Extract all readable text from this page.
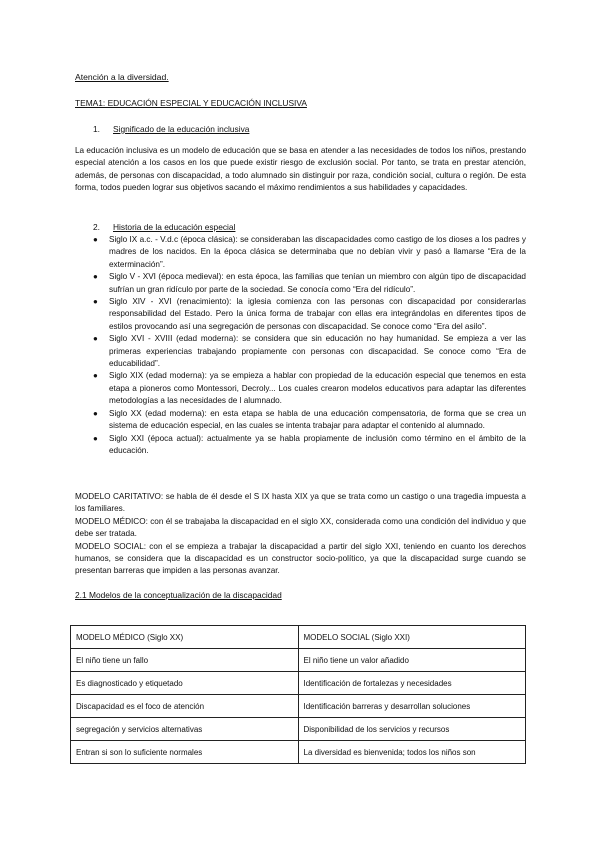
Atención a la diversidad.
TEMA1: EDUCACIÓN ESPECIAL Y EDUCACIÓN INCLUSIVA
1. Significado de la educación inclusiva
La educación inclusiva es un modelo de educación que se basa en atender a las necesidades de todos los niños, prestando especial atención a los casos en los que puede existir riesgo de exclusión social. Por tanto, se trata en prestar atención, además, de personas con discapacidad, a todo alumnado sin distinguir por raza, condición social, cultura o región. De esta forma, todos pueden lograr sus objetivos sacando el máximo rendimientos a sus habilidades y capacidades.
2. Historia de la educación especial
● Siglo IX a.c. - V.d.c (época clásica): se consideraban las discapacidades como castigo de los dioses a los padres y madres de los nacidos. En la época clásica se determinaba que no debían vivir y pasó a llamarse “Era de la exterminación”.
● Siglo V - XVI (época medieval): en esta época, las familias que tenían un miembro con algún tipo de discapacidad sufrían un gran ridículo por parte de la sociedad. Se conocía como “Era del ridículo”.
● Siglo XIV - XVI (renacimiento): la iglesia comienza con las personas con discapacidad por considerarlas responsabilidad del Estado. Pero la única forma de trabajar con ellas era integrándolas en diferentes tipos de estilos provocando así una segregación de personas con discapacidad. Se conoce como “Era del asilo”.
● Siglo XVI - XVIII (edad moderna): se considera que sin educación no hay humanidad. Se empieza a ver las primeras experiencias trabajando propiamente con personas con discapacidad. Se conoce como “Era de educabilidad”.
● Siglo XIX (edad moderna): ya se empieza a hablar con propiedad de la educación especial que tenemos en esta etapa a pioneros como Montessori, Decroly... Los cuales crearon modelos educativos para adaptar las diferentes metodologías a las necesidades de l alumnado.
● Siglo XX (edad moderna): en esta etapa se habla de una educación compensatoria, de forma que se crea un sistema de educación especial, en las cuales se intenta trabajar para adaptar el contenido al alumnado.
● Siglo XXI (época actual): actualmente ya se habla propiamente de inclusión como término en el ámbito de la educación.

MODELO CARITATIVO: se habla de él desde el S IX hasta XIX ya que se trata como un castigo o una tragedia impuesta a los familiares.

MODELO MÉDICO: con él se trabajaba la discapacidad en el siglo XX, considerada como una condición del individuo y que debe ser tratada.

MODELO SOCIAL: con el se empieza a trabajar la discapacidad a partir del siglo XXI, teniendo en cuanto los derechos humanos, se considera que la discapacidad es un constructor socio-político, ya que la discapacidad surge cuando se presentan barreras que impiden a las personas avanzar.

2.1 Modelos de la conceptualización de la discapacidad
MODELO MÉDICO (Siglo XX)	MODELO SOCIAL (Siglo XXI)
El niño tiene un fallo	El niño tiene un valor añadido
Es diagnosticado y etiquetado	Identificación de fortalezas y necesidades
Discapacidad es el foco de atención	Identificación barreras y desarrollan soluciones
segregación y servicios alternativas	Disponibilidad de los servicios y recursos
Entran si son lo suficiente normales	La diversidad es bienvenida; todos los niños son
